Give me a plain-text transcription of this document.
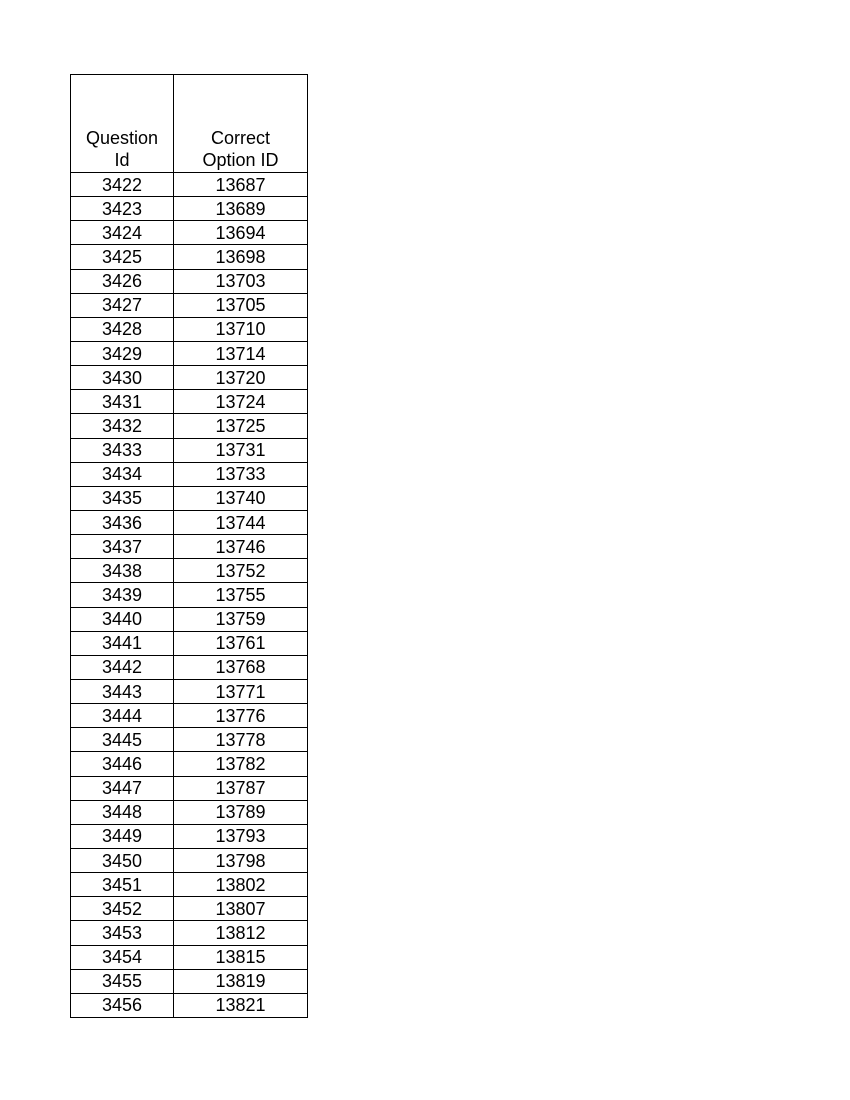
Question
Id	Correct
Option ID

3422	13687
3423	13689
3424	13694
3425	13698
3426	13703
3427	13705
3428	13710
3429	13714
3430	13720
3431	13724
3432	13725
3433	13731
3434	13733
3435	13740
3436	13744
3437	13746
3438	13752
3439	13755
3440	13759
3441	13761
3442	13768
3443	13771
3444	13776
3445	13778
3446	13782
3447	13787
3448	13789
3449	13793
3450	13798
3451	13802
3452	13807
3453	13812
3454	13815
3455	13819
3456	13821
